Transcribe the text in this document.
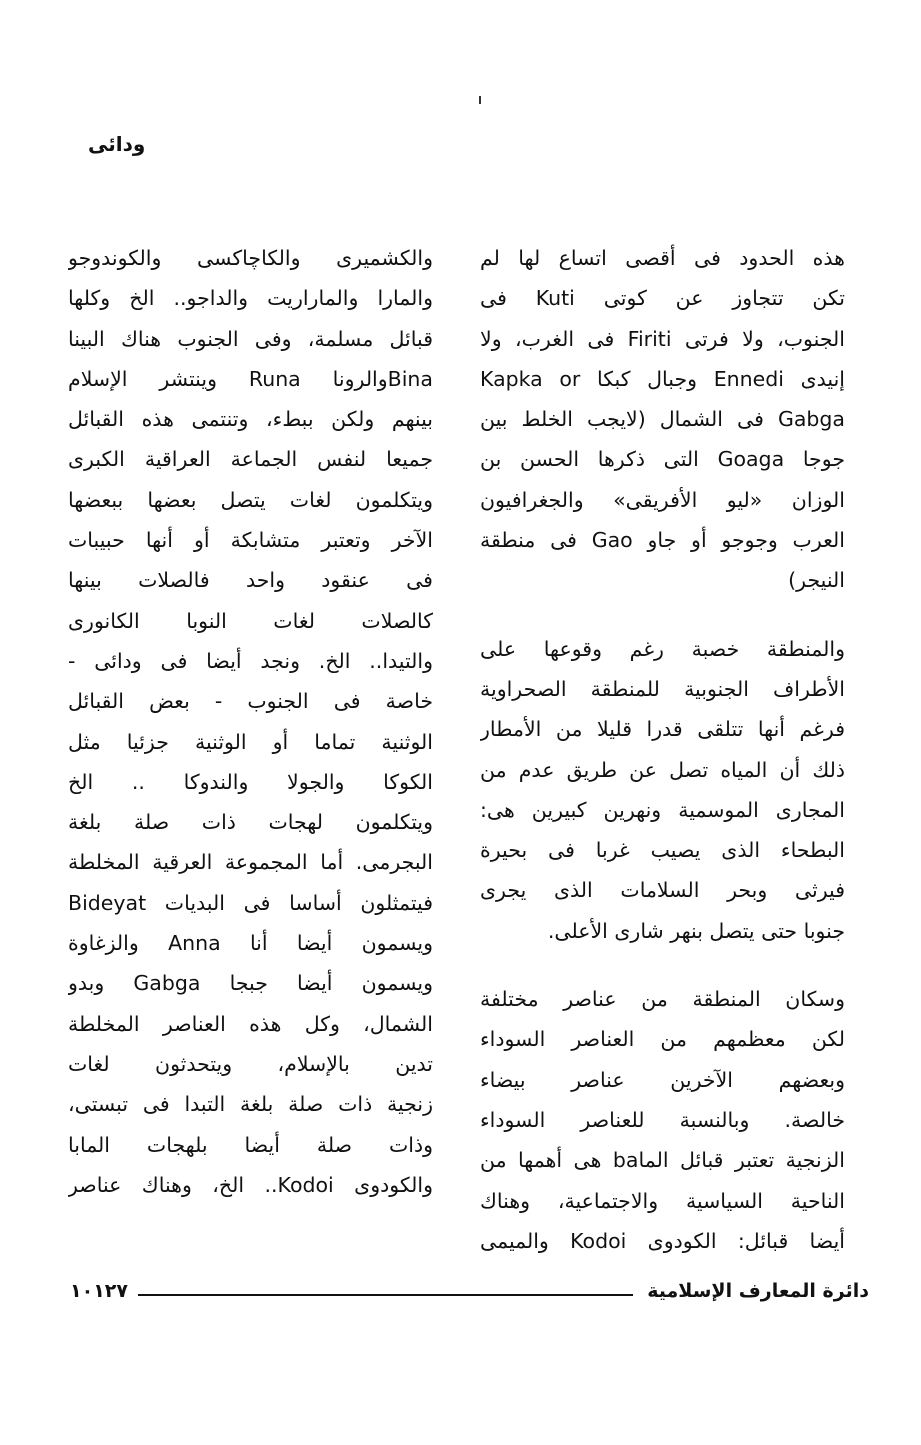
ودائى

هذه الحدود فى أقصى اتساع لها لم
تكن تتجاوز عن كوتى Kuti فى
الجنوب، ولا فرتى Firiti فى الغرب، ولا
إنيدى Ennedi وجبال كبكا Kapka or
Gabga فى الشمال (لايجب الخلط بين
جوجا Goaga التى ذكرها الحسن بن
الوزان «ليو الأفريقى» والجغرافيون
العرب وجوجو أو جاو Gao فى منطقة
النيجر)

والمنطقة خصبة رغم وقوعها على
الأطراف الجنوبية للمنطقة الصحراوية
فرغم أنها تتلقى قدرا قليلا من الأمطار
ذلك أن المياه تصل عن طريق عدم من
المجارى الموسمية ونهرين كبيرين هى:
البطحاء الذى يصيب غربا فى بحيرة
فيرثى وبحر السلامات الذى يجرى
جنوبا حتى يتصل بنهر شارى الأعلى.

وسكان المنطقة من عناصر مختلفة
لكن معظمهم من العناصر السوداء
وبعضهم الآخرين عناصر بيضاء
خالصة. وبالنسبة للعناصر السوداء
الزنجية تعتبر قبائل الماba هى أهمها من
الناحية السياسية والاجتماعية، وهناك
أيضا قبائل: الكودوى Kodoi والميمى

والكشميرى والكاچاكسى والكوندوجو
والمارا والماراريت والداجو.. الخ وكلها
قبائل مسلمة، وفى الجنوب هناك البينا
Binaوالرونا Runa وينتشر الإسلام
بينهم ولكن ببطء، وتنتمى هذه القبائل
جميعا لنفس الجماعة العراقية الكبرى
ويتكلمون لغات يتصل بعضها ببعضها
الآخر وتعتبر متشابكة أو أنها حبيبات
فى عنقود واحد فالصلات بينها
كالصلات لغات النوبا الكانورى
والتيدا.. الخ. ونجد أيضا فى ودائى -
خاصة فى الجنوب - بعض القبائل
الوثنية تماما أو الوثنية جزئيا مثل
الكوكا والجولا والندوكا .. الخ
ويتكلمون لهجات ذات صلة بلغة
البجرمى. أما المجموعة العرقية المخلطة
فيتمثلون أساسا فى البديات Bideyat
ويسمون أيضا أنا Anna والزغاوة
ويسمون أيضا جبجا Gabga وبدو
الشمال، وكل هذه العناصر المخلطة
تدين بالإسلام، ويتحدثون لغات
زنجية ذات صلة بلغة التبدا فى تبستى،
وذات صلة أيضا بلهجات المابا
والكودوى Kodoi.. الخ، وهناك عناصر

دائرة المعارف الإسلامية
١٠١٢٧
